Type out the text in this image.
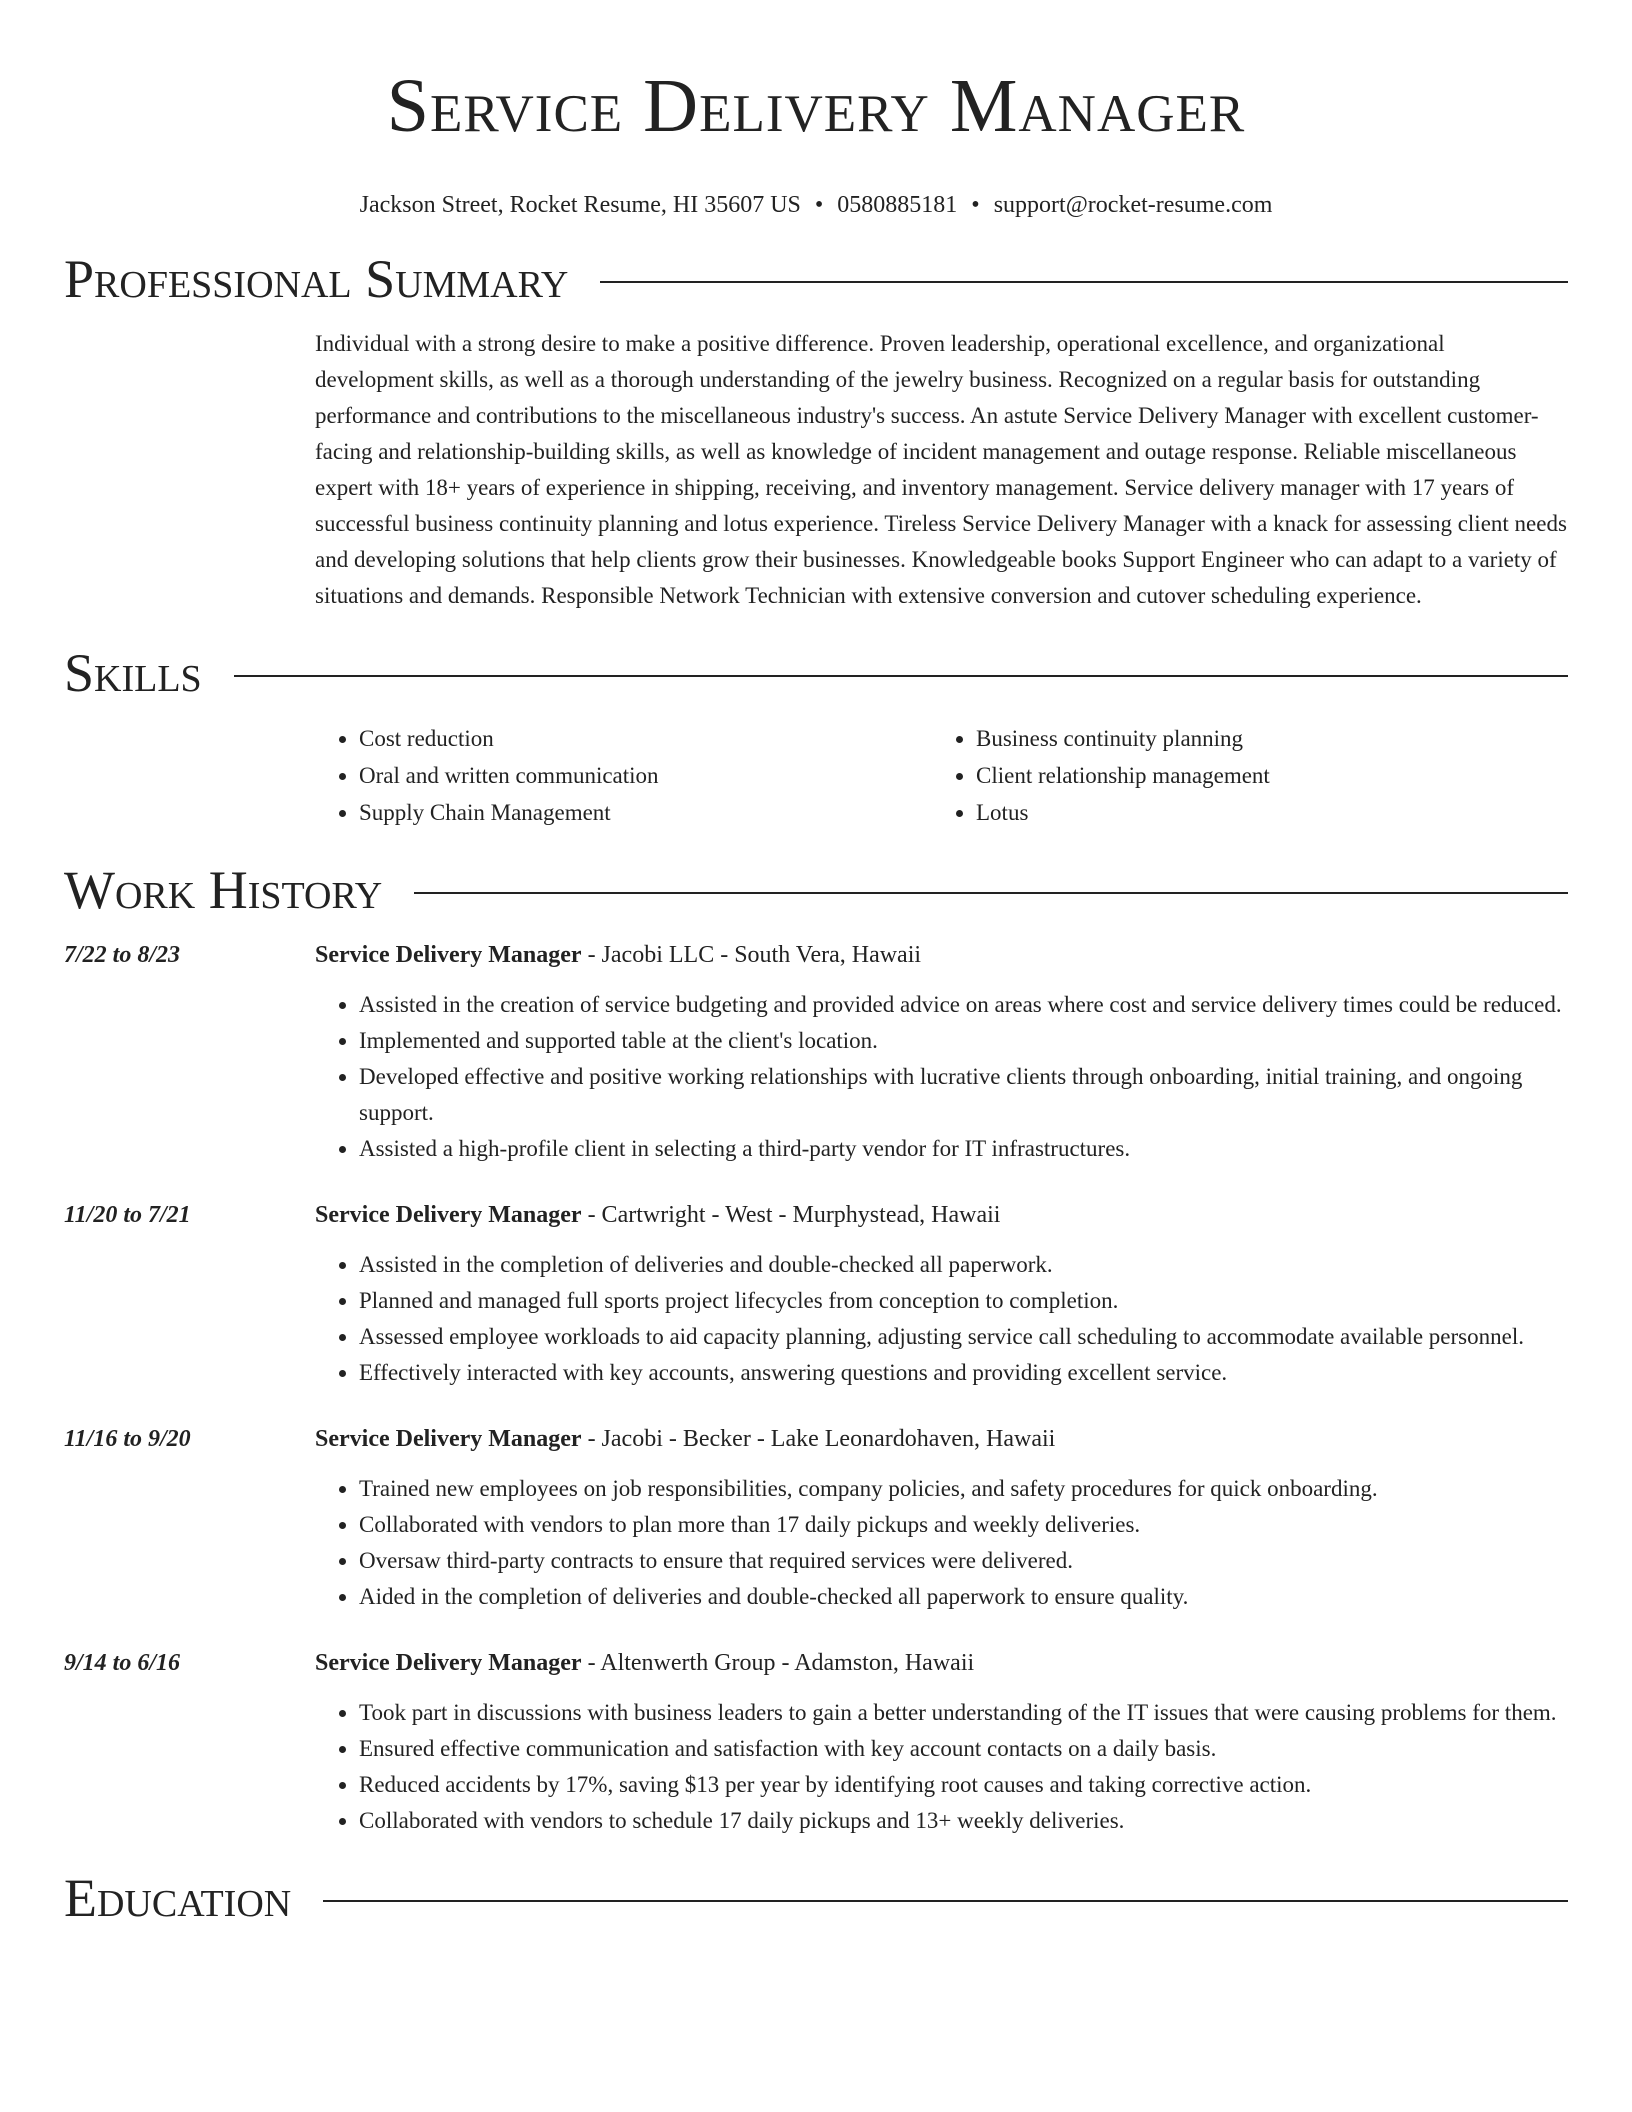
Service Delivery Manager
Jackson Street, Rocket Resume, HI 35607 US • 0580885181 • support@rocket-resume.com
Professional Summary
Individual with a strong desire to make a positive difference. Proven leadership, operational excellence, and organizational development skills, as well as a thorough understanding of the jewelry business. Recognized on a regular basis for outstanding performance and contributions to the miscellaneous industry's success. An astute Service Delivery Manager with excellent customer-facing and relationship-building skills, as well as knowledge of incident management and outage response. Reliable miscellaneous expert with 18+ years of experience in shipping, receiving, and inventory management. Service delivery manager with 17 years of successful business continuity planning and lotus experience. Tireless Service Delivery Manager with a knack for assessing client needs and developing solutions that help clients grow their businesses. Knowledgeable books Support Engineer who can adapt to a variety of situations and demands. Responsible Network Technician with extensive conversion and cutover scheduling experience.
Skills
• Cost reduction
• Oral and written communication
• Supply Chain Management
• Business continuity planning
• Client relationship management
• Lotus
Work History
7/22 to 8/23	Service Delivery Manager - Jacobi LLC - South Vera, Hawaii
• Assisted in the creation of service budgeting and provided advice on areas where cost and service delivery times could be reduced.
• Implemented and supported table at the client's location.
• Developed effective and positive working relationships with lucrative clients through onboarding, initial training, and ongoing support.
• Assisted a high-profile client in selecting a third-party vendor for IT infrastructures.
11/20 to 7/21	Service Delivery Manager - Cartwright - West - Murphystead, Hawaii
• Assisted in the completion of deliveries and double-checked all paperwork.
• Planned and managed full sports project lifecycles from conception to completion.
• Assessed employee workloads to aid capacity planning, adjusting service call scheduling to accommodate available personnel.
• Effectively interacted with key accounts, answering questions and providing excellent service.
11/16 to 9/20	Service Delivery Manager - Jacobi - Becker - Lake Leonardohaven, Hawaii
• Trained new employees on job responsibilities, company policies, and safety procedures for quick onboarding.
• Collaborated with vendors to plan more than 17 daily pickups and weekly deliveries.
• Oversaw third-party contracts to ensure that required services were delivered.
• Aided in the completion of deliveries and double-checked all paperwork to ensure quality.
9/14 to 6/16	Service Delivery Manager - Altenwerth Group - Adamston, Hawaii
• Took part in discussions with business leaders to gain a better understanding of the IT issues that were causing problems for them.
• Ensured effective communication and satisfaction with key account contacts on a daily basis.
• Reduced accidents by 17%, saving $13 per year by identifying root causes and taking corrective action.
• Collaborated with vendors to schedule 17 daily pickups and 13+ weekly deliveries.
Education
